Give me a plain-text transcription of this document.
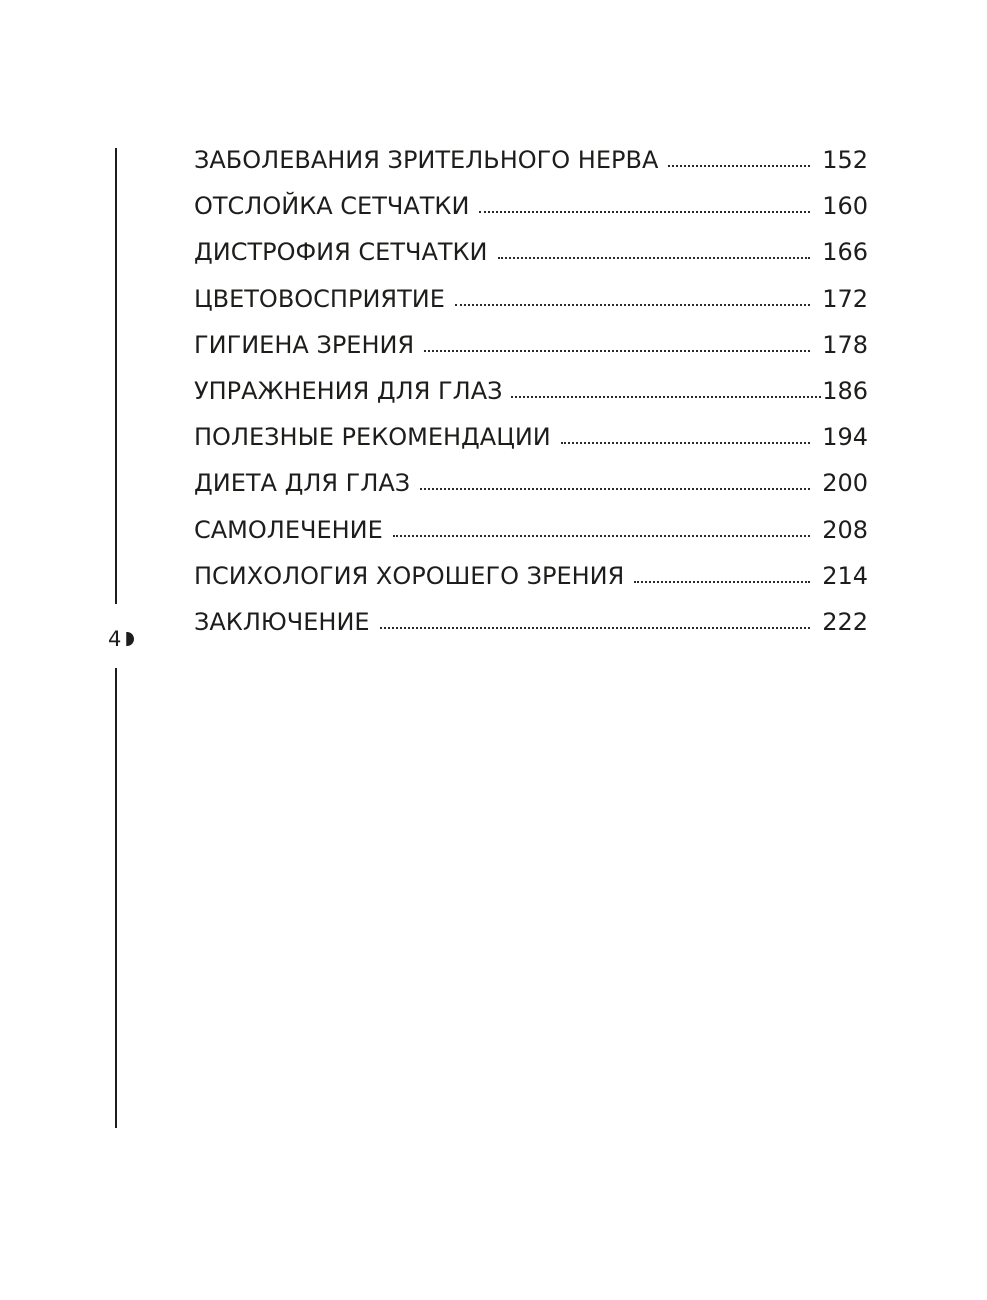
4
ЗАБОЛЕВАНИЯ ЗРИТЕЛЬНОГО НЕРВА	152
ОТСЛОЙКА СЕТЧАТКИ	160
ДИСТРОФИЯ СЕТЧАТКИ	166
ЦВЕТОВОСПРИЯТИЕ	172
ГИГИЕНА ЗРЕНИЯ	178
УПРАЖНЕНИЯ ДЛЯ ГЛАЗ	186
ПОЛЕЗНЫЕ РЕКОМЕНДАЦИИ	194
ДИЕТА ДЛЯ ГЛАЗ	200
САМОЛЕЧЕНИЕ	208
ПСИХОЛОГИЯ ХОРОШЕГО ЗРЕНИЯ	214
ЗАКЛЮЧЕНИЕ	222
